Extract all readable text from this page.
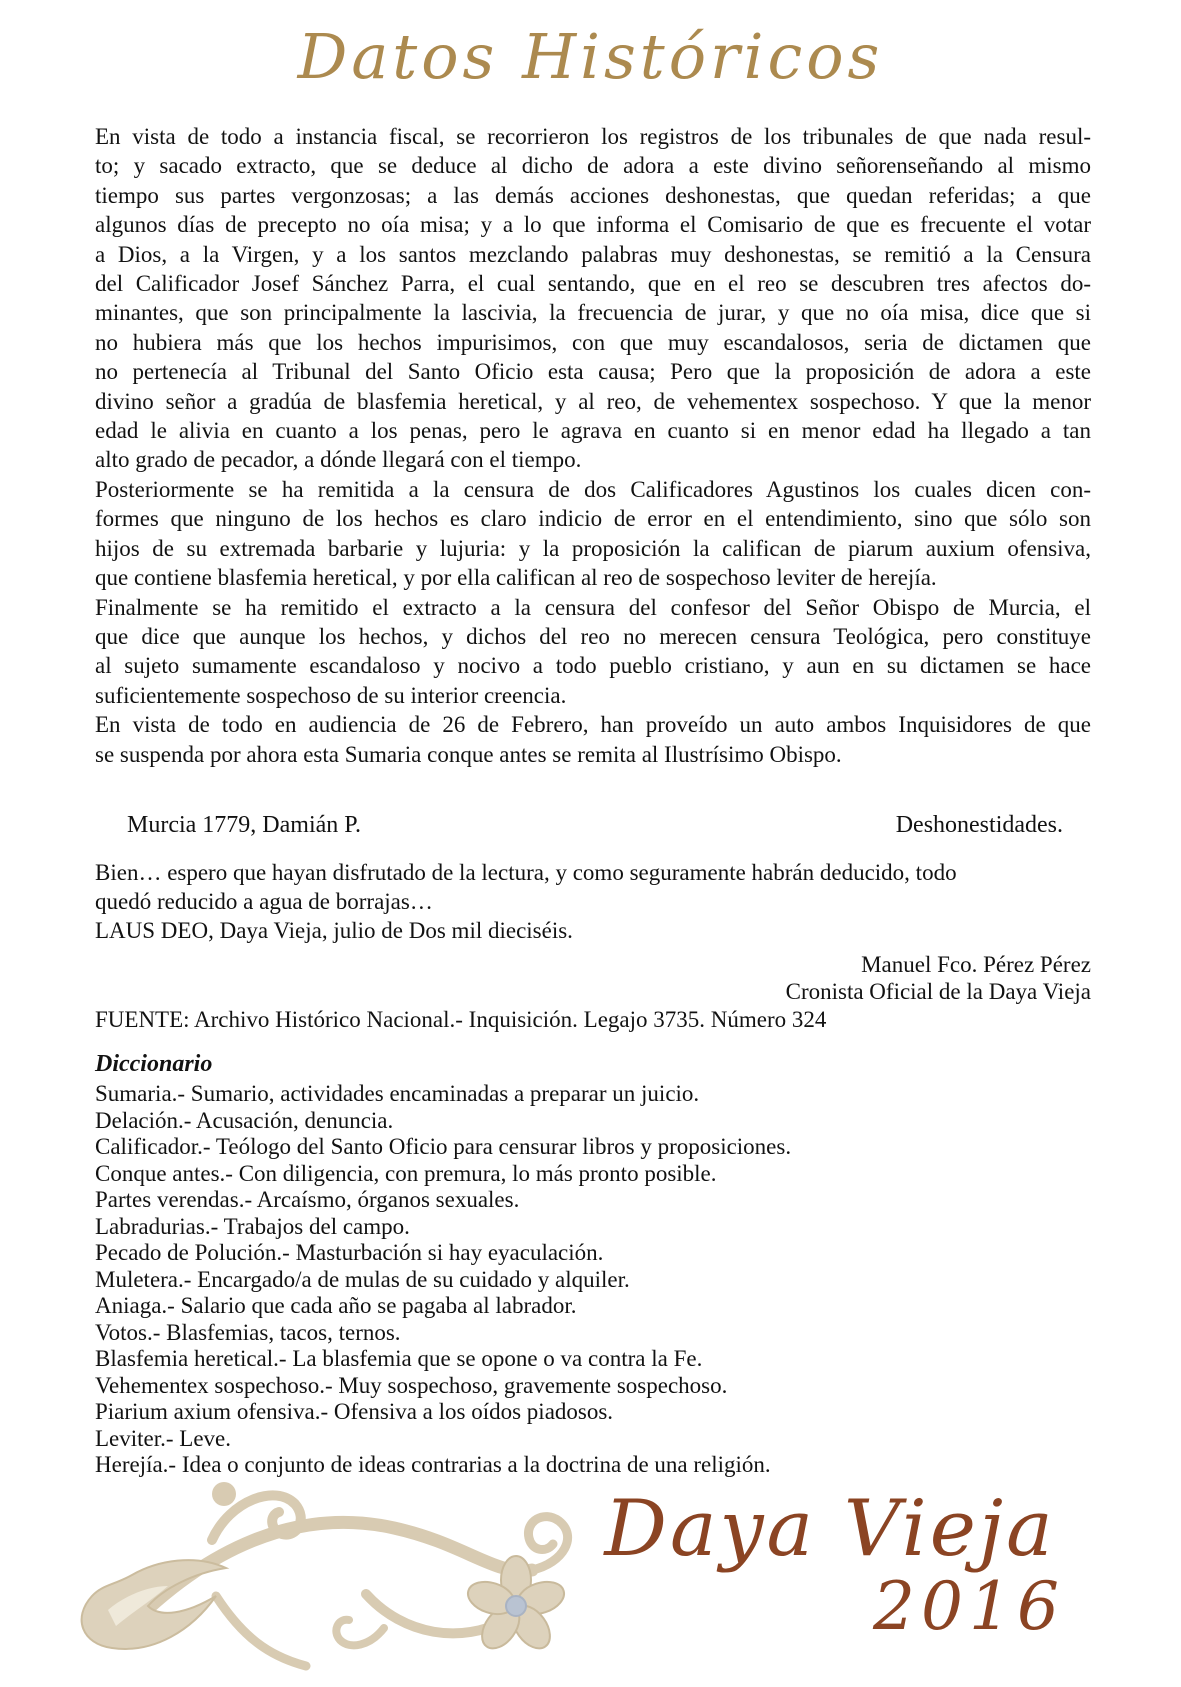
Datos Históricos
En vista de todo a instancia fiscal, se recorrieron los registros de los tribunales de que nada resul-
to; y sacado extracto, que se deduce al dicho de adora a este divino señorenseñando al mismo
tiempo sus partes vergonzosas; a las demás acciones deshonestas, que quedan referidas; a que
algunos días de precepto no oía misa; y a lo que informa el Comisario de que es frecuente el votar
a Dios, a la Virgen, y a los santos mezclando palabras muy deshonestas, se remitió a la Censura
del Calificador Josef Sánchez Parra, el cual sentando, que en el reo se descubren tres afectos do-
minantes, que son principalmente la lascivia, la frecuencia de jurar, y que no oía misa, dice que si
no hubiera más que los hechos impurisimos, con que muy escandalosos, seria de dictamen que
no pertenecía al Tribunal del Santo Oficio esta causa; Pero que la proposición de adora a este
divino señor a gradúa de blasfemia heretical, y al reo, de vehementex sospechoso. Y que la menor
edad le alivia en cuanto a los penas, pero le agrava en cuanto si en menor edad ha llegado a tan
alto grado de pecador, a dónde llegará con el tiempo.
Posteriormente se ha remitida a la censura de dos Calificadores Agustinos los cuales dicen con-
formes que ninguno de los hechos es claro indicio de error en el entendimiento, sino que sólo son
hijos de su extremada barbarie y lujuria: y la proposición la califican de piarum auxium ofensiva,
que contiene blasfemia heretical, y por ella califican al reo de sospechoso leviter de herejía.
Finalmente se ha remitido el extracto a la censura del confesor del Señor Obispo de Murcia, el
que dice que aunque los hechos, y dichos del reo no merecen censura Teológica, pero constituye
al sujeto sumamente escandaloso y nocivo a todo pueblo cristiano, y aun en su dictamen se hace
suficientemente sospechoso de su interior creencia.
En vista de todo en audiencia de 26 de Febrero, han proveído un auto ambos Inquisidores de que
se suspenda por ahora esta Sumaria conque antes se remita al Ilustrísimo Obispo.
Murcia 1779, Damián P.	Deshonestidades.
Bien… espero que hayan disfrutado de la lectura, y como seguramente habrán deducido, todo
quedó reducido a agua de borrajas…
LAUS DEO, Daya Vieja, julio de Dos mil dieciséis.
Manuel Fco. Pérez Pérez
Cronista Oficial de la Daya Vieja
FUENTE: Archivo Histórico Nacional.- Inquisición. Legajo 3735. Número 324
Diccionario
Sumaria.- Sumario, actividades encaminadas a preparar un juicio.
Delación.- Acusación, denuncia.
Calificador.- Teólogo del Santo Oficio para censurar libros y proposiciones.
Conque antes.- Con diligencia, con premura, lo más pronto posible.
Partes verendas.- Arcaísmo, órganos sexuales.
Labradurias.- Trabajos del campo.
Pecado de Polución.- Masturbación si hay eyaculación.
Muletera.- Encargado/a de mulas de su cuidado y alquiler.
Aniaga.- Salario que cada año se pagaba al labrador.
Votos.- Blasfemias, tacos, ternos.
Blasfemia heretical.- La blasfemia que se opone o va contra la Fe.
Vehementex sospechoso.- Muy sospechoso, gravemente sospechoso.
Piarium axium ofensiva.- Ofensiva a los oídos piadosos.
Leviter.- Leve.
Herejía.- Idea o conjunto de ideas contrarias a la doctrina de una religión.
Daya Vieja
2016
